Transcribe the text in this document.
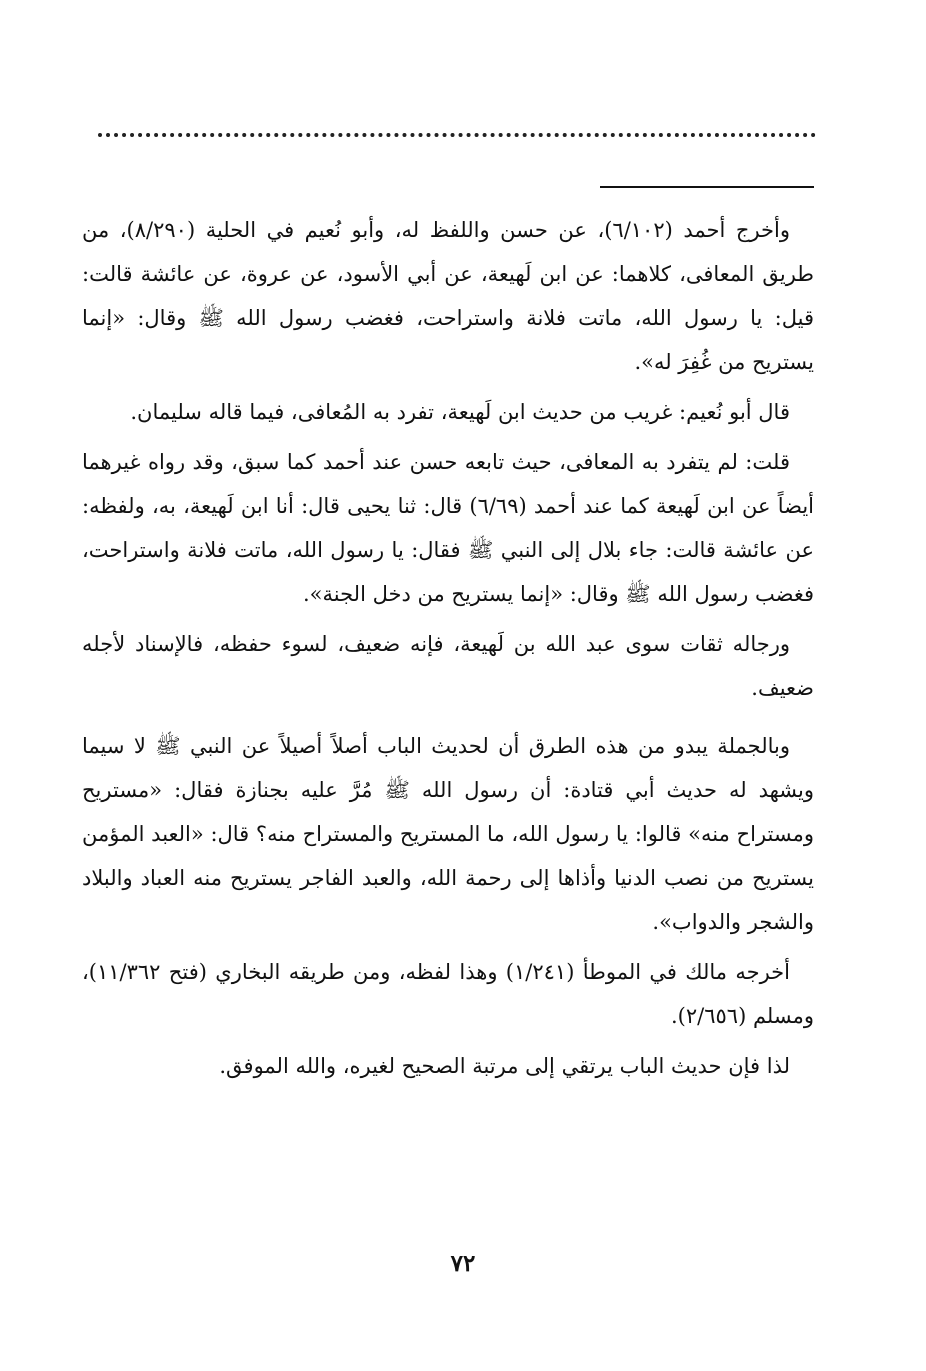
وأخرج أحمد (٦/١٠٢)، عن حسن واللفظ له، وأبو نُعيم في الحلية (٨/٢٩٠)، من طريق المعافى، كلاهما: عن ابن لَهيعة، عن أبي الأسود، عن عروة، عن عائشة قالت: قيل: يا رسول الله، ماتت فلانة واستراحت، فغضب رسول الله ﷺ وقال: «إنما يستريح من غُفِرَ له».

قال أبو نُعيم: غريب من حديث ابن لَهيعة، تفرد به المُعافى، فيما قاله سليمان.

قلت: لم يتفرد به المعافى، حيث تابعه حسن عند أحمد كما سبق، وقد رواه غيرهما أيضاً عن ابن لَهيعة كما عند أحمد (٦/٦٩) قال: ثنا يحيى قال: أنا ابن لَهيعة، به، ولفظه: عن عائشة قالت: جاء بلال إلى النبي ﷺ فقال: يا رسول الله، ماتت فلانة واستراحت، فغضب رسول الله ﷺ وقال: «إنما يستريح من دخل الجنة».

ورجاله ثقات سوى عبد الله بن لَهيعة، فإنه ضعيف، لسوء حفظه، فالإسناد لأجله ضعيف.

وبالجملة يبدو من هذه الطرق أن لحديث الباب أصلاً أصيلاً عن النبي ﷺ لا سيما ويشهد له حديث أبي قتادة: أن رسول الله ﷺ مُرَّ عليه بجنازة فقال: «مستريح ومستراح منه» قالوا: يا رسول الله، ما المستريح والمستراح منه؟ قال: «العبد المؤمن يستريح من نصب الدنيا وأذاها إلى رحمة الله، والعبد الفاجر يستريح منه العباد والبلاد والشجر والدواب».

أخرجه مالك في الموطأ (١/٢٤١) وهذا لفظه، ومن طريقه البخاري (فتح ١١/٣٦٢)، ومسلم (٢/٦٥٦).

لذا فإن حديث الباب يرتقي إلى مرتبة الصحيح لغيره، والله الموفق.

٧٢
